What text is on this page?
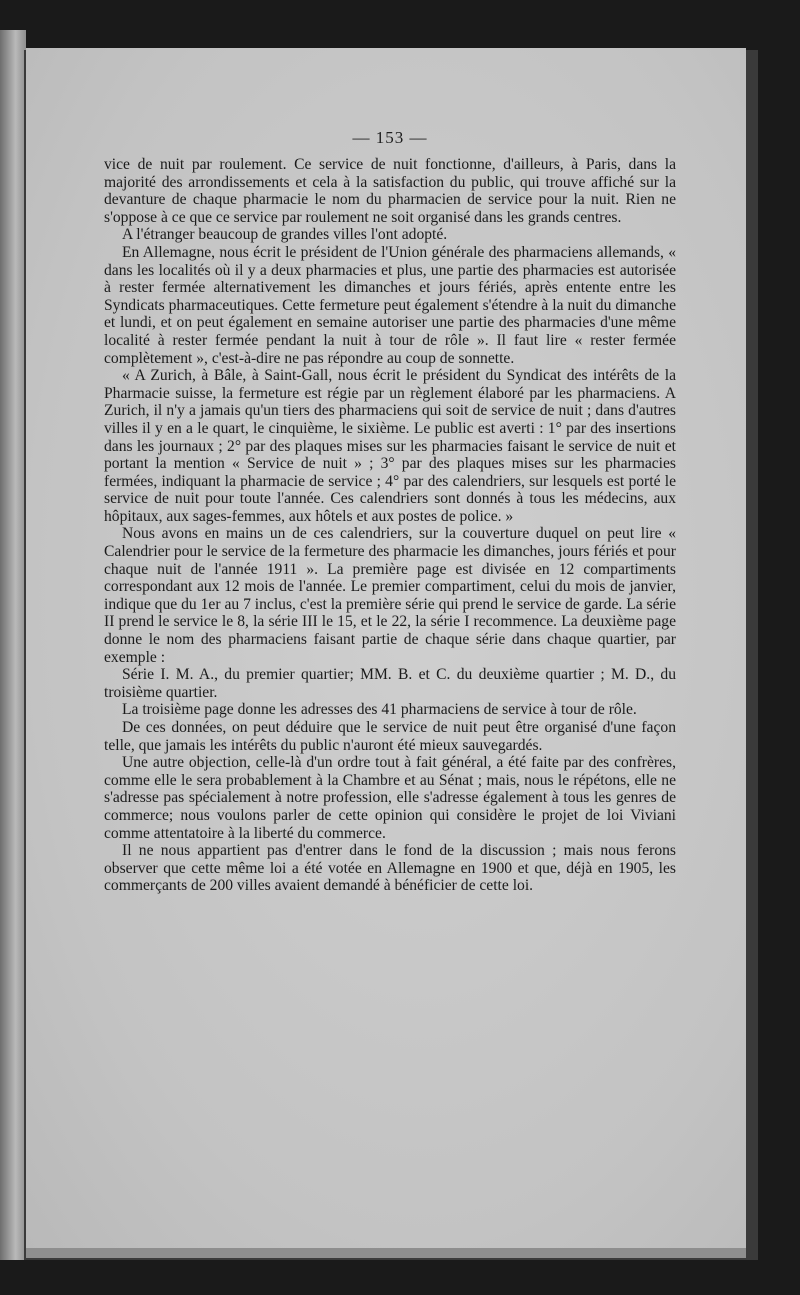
— 153 —

vice de nuit par roulement. Ce service de nuit fonctionne, d'ailleurs, à Paris, dans la majorité des arrondissements et cela à la satisfaction du public, qui trouve affiché sur la devanture de chaque pharmacie le nom du pharmacien de service pour la nuit. Rien ne s'oppose à ce que ce service par roulement ne soit organisé dans les grands centres.

A l'étranger beaucoup de grandes villes l'ont adopté.

En Allemagne, nous écrit le président de l'Union générale des pharmaciens allemands, « dans les localités où il y a deux pharmacies et plus, une partie des pharmacies est autorisée à rester fermée alternativement les dimanches et jours fériés, après entente entre les Syndicats pharmaceutiques. Cette fermeture peut également s'étendre à la nuit du dimanche et lundi, et on peut également en semaine autoriser une partie des pharmacies d'une même localité à rester fermée pendant la nuit à tour de rôle ». Il faut lire « rester fermée complètement », c'est-à-dire ne pas répondre au coup de sonnette.

« A Zurich, à Bâle, à Saint-Gall, nous écrit le président du Syndicat des intérêts de la Pharmacie suisse, la fermeture est régie par un règlement élaboré par les pharmaciens. A Zurich, il n'y a jamais qu'un tiers des pharmaciens qui soit de service de nuit ; dans d'autres villes il y en a le quart, le cinquième, le sixième. Le public est averti : 1° par des insertions dans les journaux ; 2° par des plaques mises sur les pharmacies faisant le service de nuit et portant la mention « Service de nuit » ; 3° par des plaques mises sur les pharmacies fermées, indiquant la pharmacie de service ; 4° par des calendriers, sur lesquels est porté le service de nuit pour toute l'année. Ces calendriers sont donnés à tous les médecins, aux hôpitaux, aux sages-femmes, aux hôtels et aux postes de police. »

Nous avons en mains un de ces calendriers, sur la couverture duquel on peut lire « Calendrier pour le service de la fermeture des pharmacie les dimanches, jours fériés et pour chaque nuit de l'année 1911 ». La première page est divisée en 12 compartiments correspondant aux 12 mois de l'année. Le premier compartiment, celui du mois de janvier, indique que du 1er au 7 inclus, c'est la première série qui prend le service de garde. La série II prend le service le 8, la série III le 15, et le 22, la série I recommence. La deuxième page donne le nom des pharmaciens faisant partie de chaque série dans chaque quartier, par exemple :

Série I. M. A., du premier quartier; MM. B. et C. du deuxième quartier ; M. D., du troisième quartier.

La troisième page donne les adresses des 41 pharmaciens de service à tour de rôle.

De ces données, on peut déduire que le service de nuit peut être organisé d'une façon telle, que jamais les intérêts du public n'auront été mieux sauvegardés.

Une autre objection, celle-là d'un ordre tout à fait général, a été faite par des confrères, comme elle le sera probablement à la Chambre et au Sénat ; mais, nous le répétons, elle ne s'adresse pas spécialement à notre profession, elle s'adresse également à tous les genres de commerce; nous voulons parler de cette opinion qui considère le projet de loi Viviani comme attentatoire à la liberté du commerce.

Il ne nous appartient pas d'entrer dans le fond de la discussion ; mais nous ferons observer que cette même loi a été votée en Allemagne en 1900 et que, déjà en 1905, les commerçants de 200 villes avaient demandé à bénéficier de cette loi.
